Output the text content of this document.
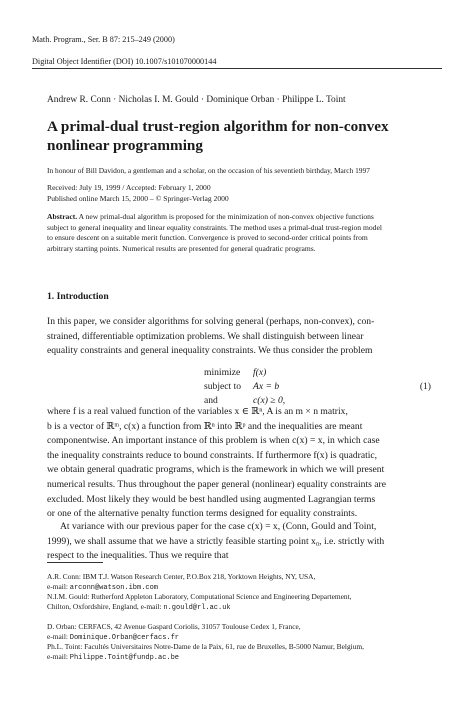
Math. Program., Ser. B 87: 215–249 (2000)
Digital Object Identifier (DOI) 10.1007/s101070000144
Andrew R. Conn · Nicholas I. M. Gould · Dominique Orban · Philippe L. Toint
A primal-dual trust-region algorithm for non-convex
nonlinear programming
In honour of Bill Davidon, a gentleman and a scholar, on the occasion of his seventieth birthday, March 1997
Received: July 19, 1999 / Accepted: February 1, 2000
Published online March 15, 2000 – © Springer-Verlag 2000
Abstract. A new primal-dual algorithm is proposed for the minimization of non-convex objective functions
subject to general inequality and linear equality constraints. The method uses a primal-dual trust-region model
to ensure descent on a suitable merit function. Convergence is proved to second-order critical points from
arbitrary starting points. Numerical results are presented for general quadratic programs.
1. Introduction
In this paper, we consider algorithms for solving general (perhaps, non-convex), con-
strained, differentiable optimization problems. We shall distinguish between linear
equality constraints and general inequality constraints. We thus consider the problem
minimize f(x)
subject to Ax = b
and	c(x) ≥ 0,
(1)
where f is a real valued function of the variables x ∈ ℝⁿ, A is an m × n matrix,
b is a vector of ℝᵐ, c(x) a function from ℝⁿ into ℝᵖ and the inequalities are meant
componentwise. An important instance of this problem is when c(x) = x, in which case
the inequality constraints reduce to bound constraints. If furthermore f(x) is quadratic,
we obtain general quadratic programs, which is the framework in which we will present
numerical results. Thus throughout the paper general (nonlinear) equality constraints are
excluded. Most likely they would be best handled using augmented Lagrangian terms
or one of the alternative penalty function terms designed for equality constraints.
At variance with our previous paper for the case c(x) = x, (Conn, Gould and Toint,
1999), we shall assume that we have a strictly feasible starting point x₀, i.e. strictly with
respect to the inequalities. Thus we require that
A.R. Conn: IBM T.J. Watson Research Center, P.O.Box 218, Yorktown Heights, NY, USA,
e-mail: arconn@watson.ibm.com
N.I.M. Gould: Rutherford Appleton Laboratory, Computational Science and Engineering Departement,
Chilton, Oxfordshire, England, e-mail: n.gould@rl.ac.uk
D. Orban: CERFACS, 42 Avenue Gaspard Coriolis, 31057 Toulouse Cedex 1, France,
e-mail: Dominique.Orban@cerfacs.fr
Ph.L. Toint: Facultés Universitaires Notre-Dame de la Paix, 61, rue de Bruxelles, B-5000 Namur, Belgium,
e-mail: Philippe.Toint@fundp.ac.be
